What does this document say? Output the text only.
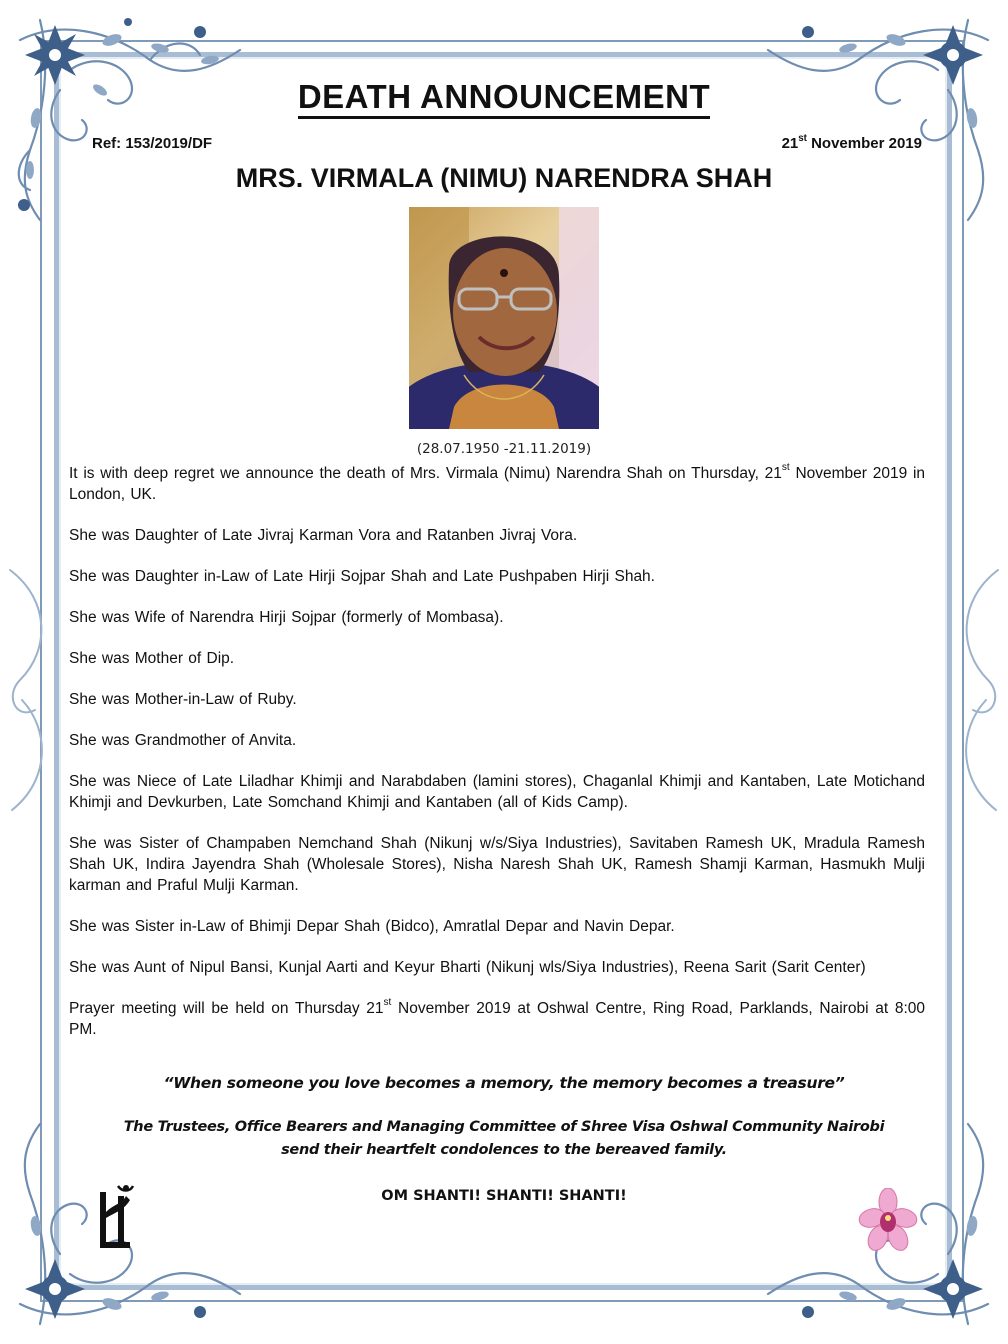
DEATH ANNOUNCEMENT
Ref: 153/2019/DF	21st November 2019
MRS. VIRMALA (NIMU) NARENDRA SHAH
(28.07.1950 -21.11.2019)

It is with deep regret we announce the death of Mrs. Virmala (Nimu) Narendra Shah on Thursday, 21st November 2019 in London, UK.

She was Daughter of Late Jivraj Karman Vora and Ratanben Jivraj Vora.

She was Daughter in-Law of Late Hirji Sojpar Shah and Late Pushpaben Hirji Shah.

She was Wife of Narendra Hirji Sojpar (formerly of Mombasa).

She was Mother of Dip.

She was Mother-in-Law of Ruby.

She was Grandmother of Anvita.

She was Niece of Late Liladhar Khimji and Narabdaben (lamini stores), Chaganlal Khimji and Kantaben, Late Motichand Khimji and Devkurben, Late Somchand Khimji and Kantaben (all of Kids Camp).

She was Sister of Champaben Nemchand Shah (Nikunj w/s/Siya Industries), Savitaben Ramesh UK, Mradula Ramesh Shah UK, Indira Jayendra Shah (Wholesale Stores), Nisha Naresh Shah UK, Ramesh Shamji Karman, Hasmukh Mulji karman and Praful Mulji Karman.

She was Sister in-Law of Bhimji Depar Shah (Bidco), Amratlal Depar and Navin Depar.

She was Aunt of Nipul Bansi, Kunjal Aarti and Keyur Bharti (Nikunj wls/Siya Industries), Reena Sarit (Sarit Center)

Prayer meeting will be held on Thursday 21st November 2019 at Oshwal Centre, Ring Road, Parklands, Nairobi at 8:00 PM.

“When someone you love becomes a memory, the memory becomes a treasure”
The Trustees, Office Bearers and Managing Committee of Shree Visa Oshwal Community Nairobi
send their heartfelt condolences to the bereaved family.
OM SHANTI! SHANTI! SHANTI!
